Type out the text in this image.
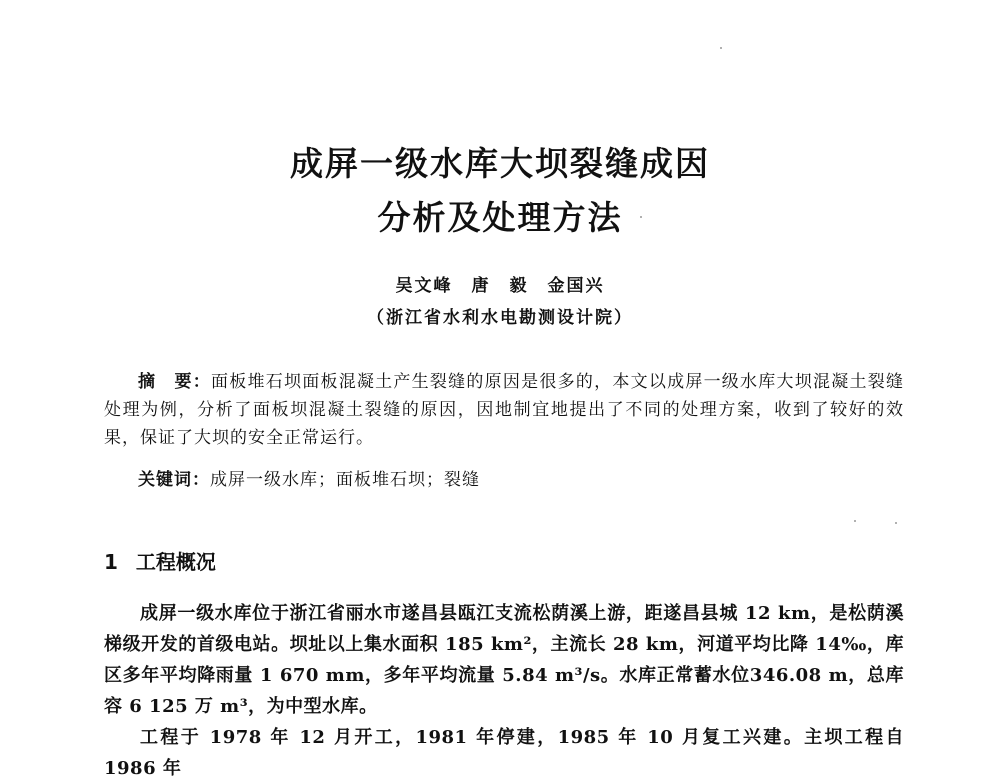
成屏一级水库大坝裂缝成因
分析及处理方法
吴文峰　唐　毅　金国兴
（浙江省水利水电勘测设计院）
摘　要：面板堆石坝面板混凝土产生裂缝的原因是很多的，本文以成屏一级水库大坝混凝土裂缝处理为例，分析了面板坝混凝土裂缝的原因，因地制宜地提出了不同的处理方案，收到了较好的效果，保证了大坝的安全正常运行。
关键词：成屏一级水库；面板堆石坝；裂缝
1 工程概况

成屏一级水库位于浙江省丽水市遂昌县瓯江支流松荫溪上游，距遂昌县城 12 km，是松荫溪梯级开发的首级电站。坝址以上集水面积 185 km²，主流长 28 km，河道平均比降 14‰，库区多年平均降雨量 1 670 mm，多年平均流量 5.84 m³/s。水库正常蓄水位346.08 m，总库容 6 125 万 m³，为中型水库。

工程于 1978 年 12 月开工，1981 年停建，1985 年 10 月复工兴建。主坝工程自 1986 年
